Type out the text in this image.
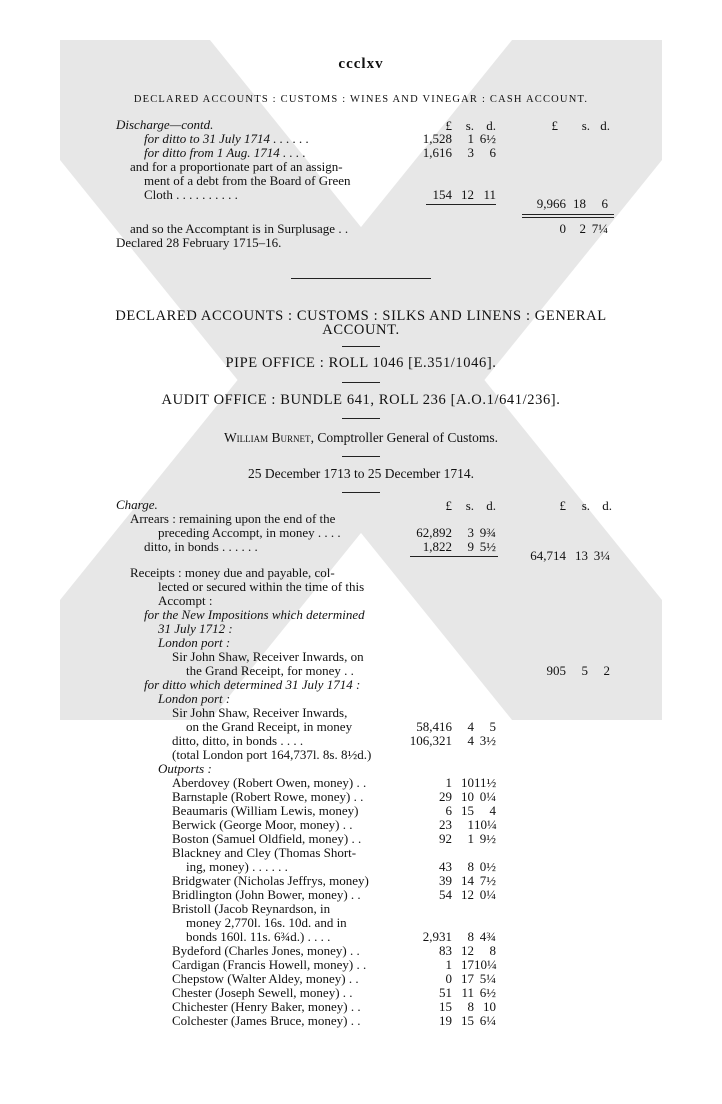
ccclxv
DECLARED ACCOUNTS : CUSTOMS : WINES AND VINEGAR : CASH ACCOUNT.
Discharge—contd.	£	s. d.	£	s. d.
for ditto to 31 July 1714 . . . . . .	1,528	1 6½
for ditto from 1 Aug. 1714 . . . .	1,616	3	6
and for a proportionate part of an assign-
ment of a debt from the Board of Green
Cloth . . . . . . . . . .	154 12 11
9,966 18	6
and so the Accomptant is in Surplusage . .	0	2 7¼
Declared 28 February 1715–16.
DECLARED ACCOUNTS : CUSTOMS : SILKS AND LINENS : GENERAL
ACCOUNT.
PIPE OFFICE : ROLL 1046 [E.351/1046].
AUDIT OFFICE : BUNDLE 641, ROLL 236 [A.O.1/641/236].
William Burnet, Comptroller General of Customs.
25 December 1713 to 25 December 1714.
Charge.	£	s. d.	£	s. d.
Arrears : remaining upon the end of the
preceding Accompt, in money . . . .	62,892	3 9¾
ditto, in bonds . . . . . .	1,822	9 5½
64,714 13 3¼
Receipts : money due and payable, col-
lected or secured within the time of this
Accompt :
for the New Impositions which determined
31 July 1712 :
London port :
Sir John Shaw, Receiver Inwards, on
the Grand Receipt, for money . .	905	5	2
for ditto which determined 31 July 1714 :
London port :
Sir John Shaw, Receiver Inwards,
on the Grand Receipt, in money	58,416	4	5
ditto, ditto, in bonds . . . .	106,321	4 3½
(total London port 164,737l. 8s. 8½d.)
Outports :
Aberdovey (Robert Owen, money) . .	1 10 11½
Barnstaple (Robert Rowe, money) . .	29 10 0¼
Beaumaris (William Lewis, money)	6 15	4
Berwick (George Moor, money) . .	23	1 10¼
Boston (Samuel Oldfield, money) . .	92	1 9½
Blackney and Cley (Thomas Short-
ing, money) . . . . . .	43	8 0½
Bridgwater (Nicholas Jeffrys, money)	39 14 7½
Bridlington (John Bower, money) . .	54 12 0¼
Bristoll (Jacob Reynardson, in
money 2,770l. 16s. 10d. and in
bonds 160l. 11s. 6¾d.) . . . .	2,931	8 4¾
Bydeford (Charles Jones, money) . .	83 12	8
Cardigan (Francis Howell, money) . .	1 17 10¼
Chepstow (Walter Aldey, money) . .	0 17 5¼
Chester (Joseph Sewell, money) . .	51 11 6½
Chichester (Henry Baker, money) . .	15	8 10
Colchester (James Bruce, money) . .	19 15 6¼
